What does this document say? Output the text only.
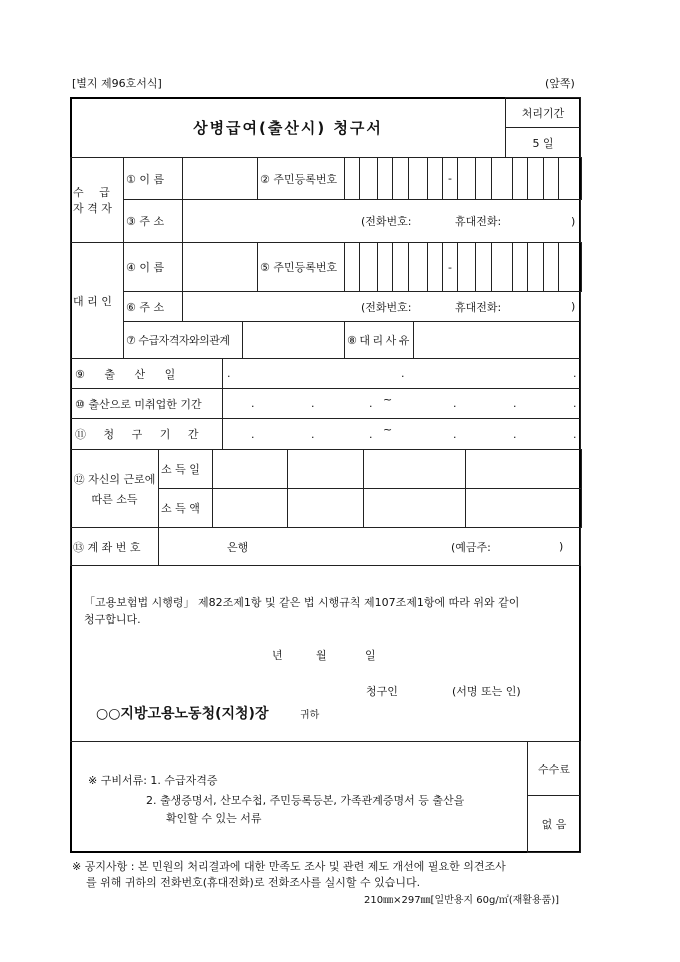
[별지 제96호서식]	(앞쪽)
상병급여(출산시) 청구서
처리기간
5 일
수 급
자 격 자
① 이 름	② 주민등록번호	-
③ 주 소	(전화번호:	휴대전화:	)
대 리 인
④ 이 름	⑤ 주민등록번호	-
⑥ 주 소	(전화번호:	휴대전화:	)
⑦ 수급자격자와의관계	⑧ 대 리 사 유
⑨ 출 산 일	.	.	.
⑩ 출산으로 미취업한 기간	.	.	. ~	.	.	.
⑪ 청 구 기 간	.	.	. ~	.	.	.
⑫ 자신의 근로에
따른 소득
소 득 일
소 득 액
⑬ 계 좌 번 호	은행	(예금주:	)
「고용보험법 시행령」 제82조제1항 및 같은 법 시행규칙 제107조제1항에 따라 위와 같이
청구합니다.
년	월	일
청구인	(서명 또는 인)
○○지방고용노동청(지청)장	귀하
※ 구비서류: 1. 수급자격증
2. 출생증명서, 산모수첩, 주민등록등본, 가족관계증명서 등 출산을
확인할 수 있는 서류
수수료
없 음
※ 공지사항 : 본 민원의 처리결과에 대한 만족도 조사 및 관련 제도 개선에 필요한 의견조사
를 위해 귀하의 전화번호(휴대전화)로 전화조사를 실시할 수 있습니다.
210㎜×297㎜[일반용지 60g/㎡(재활용품)]
